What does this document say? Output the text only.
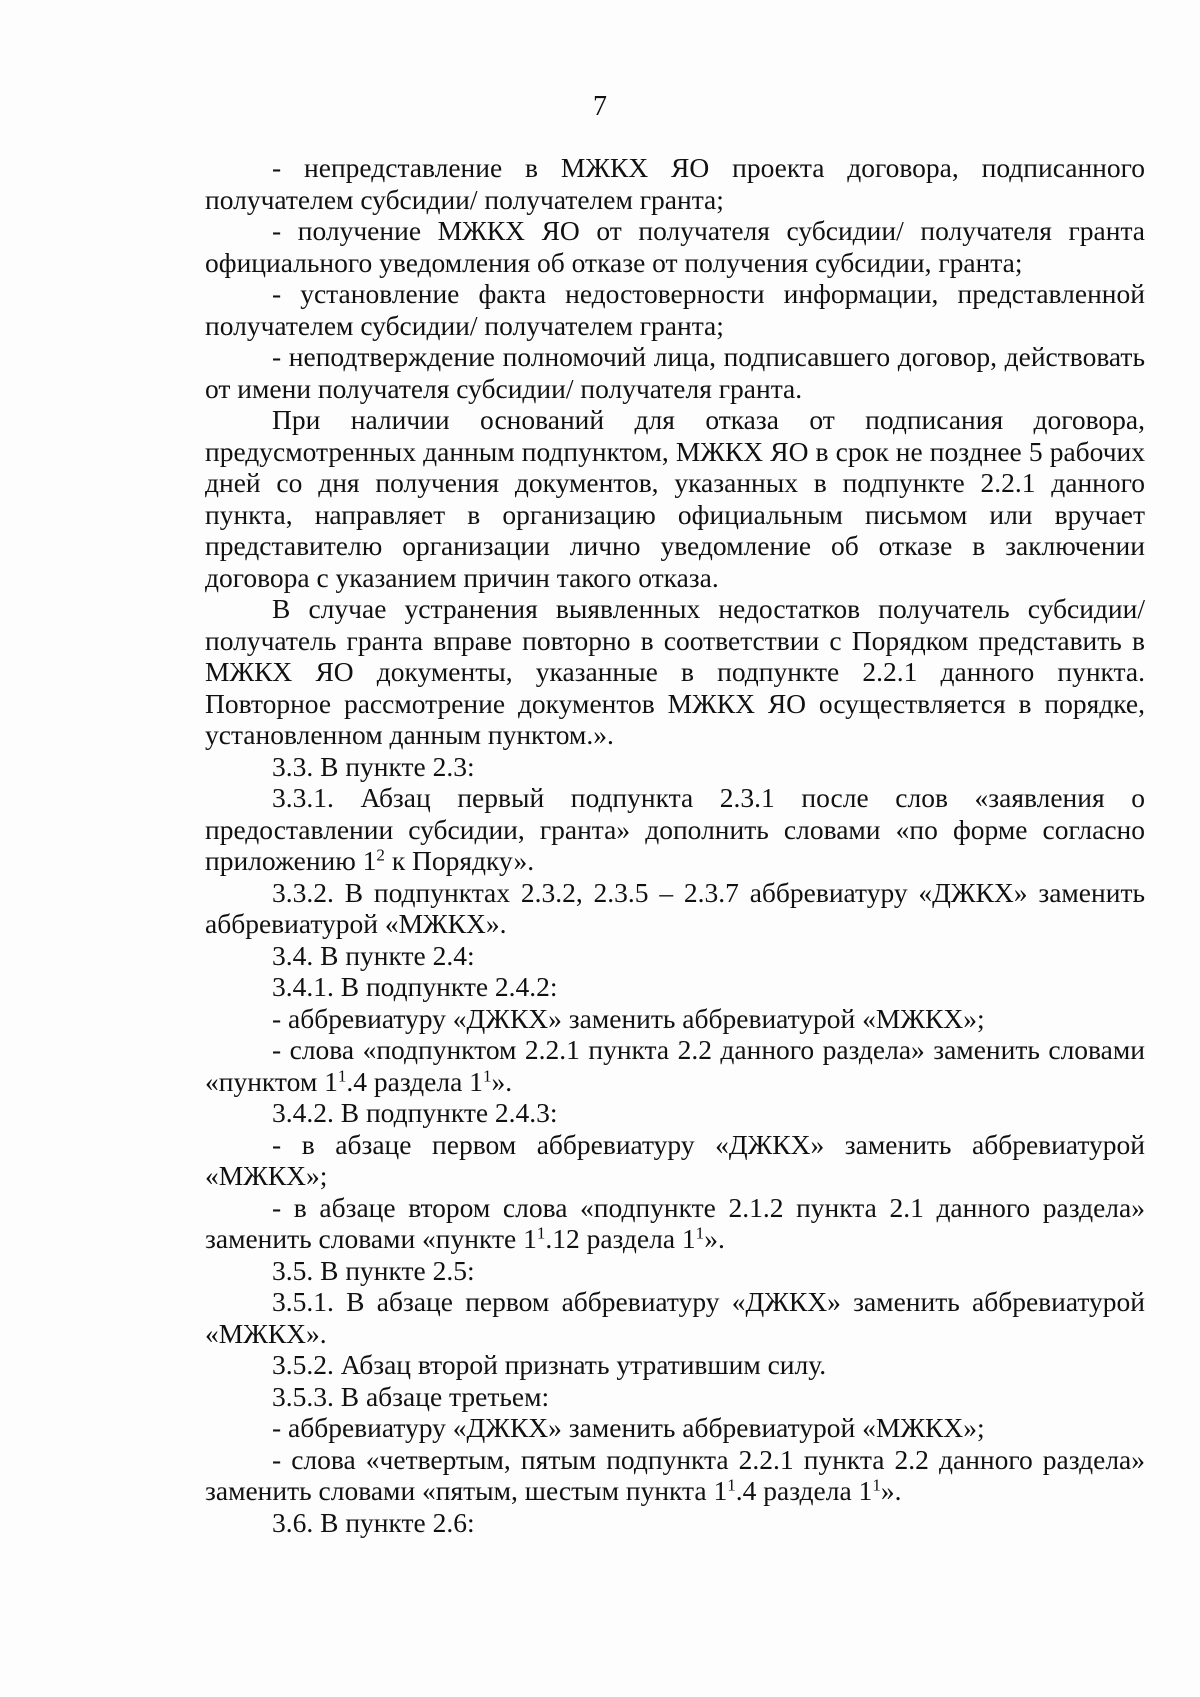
7

- непредставление в МЖКХ ЯО проекта договора, подписанного получателем субсидии/ получателем гранта;

- получение МЖКХ ЯО от получателя субсидии/ получателя гранта официального уведомления об отказе от получения субсидии, гранта;

- установление факта недостоверности информации, представленной получателем субсидии/ получателем гранта;

- неподтверждение полномочий лица, подписавшего договор, действовать от имени получателя субсидии/ получателя гранта.

При наличии оснований для отказа от подписания договора, предусмотренных данным подпунктом, МЖКХ ЯО в срок не позднее 5 рабочих дней со дня получения документов, указанных в подпункте 2.2.1 данного пункта, направляет в организацию официальным письмом или вручает представителю организации лично уведомление об отказе в заключении договора с указанием причин такого отказа.

В случае устранения выявленных недостатков получатель субсидии/ получатель гранта вправе повторно в соответствии с Порядком представить в МЖКХ ЯО документы, указанные в подпункте 2.2.1 данного пункта. Повторное рассмотрение документов МЖКХ ЯО осуществляется в порядке, установленном данным пунктом.».

3.3. В пункте 2.3:

3.3.1. Абзац первый подпункта 2.3.1 после слов «заявления о предоставлении субсидии, гранта» дополнить словами «по форме согласно приложению $1^2$ к Порядку».

3.3.2. В подпунктах 2.3.2, 2.3.5 – 2.3.7 аббревиатуру «ДЖКХ» заменить аббревиатурой «МЖКХ».

3.4. В пункте 2.4:

3.4.1. В подпункте 2.4.2:

- аббревиатуру «ДЖКХ» заменить аббревиатурой «МЖКХ»;

- слова «подпунктом 2.2.1 пункта 2.2 данного раздела» заменить словами «пунктом $1^1.4$ раздела $1^1$».

3.4.2. В подпункте 2.4.3:

- в абзаце первом аббревиатуру «ДЖКХ» заменить аббревиатурой «МЖКХ»;

- в абзаце втором слова «подпункте 2.1.2 пункта 2.1 данного раздела» заменить словами «пункте $1^1.12$ раздела $1^1$».

3.5. В пункте 2.5:

3.5.1. В абзаце первом аббревиатуру «ДЖКХ» заменить аббревиатурой «МЖКХ».

3.5.2. Абзац второй признать утратившим силу.

3.5.3. В абзаце третьем:

- аббревиатуру «ДЖКХ» заменить аббревиатурой «МЖКХ»;

- слова «четвертым, пятым подпункта 2.2.1 пункта 2.2 данного раздела» заменить словами «пятым, шестым пункта $1^1.4$ раздела $1^1$».

3.6. В пункте 2.6:
